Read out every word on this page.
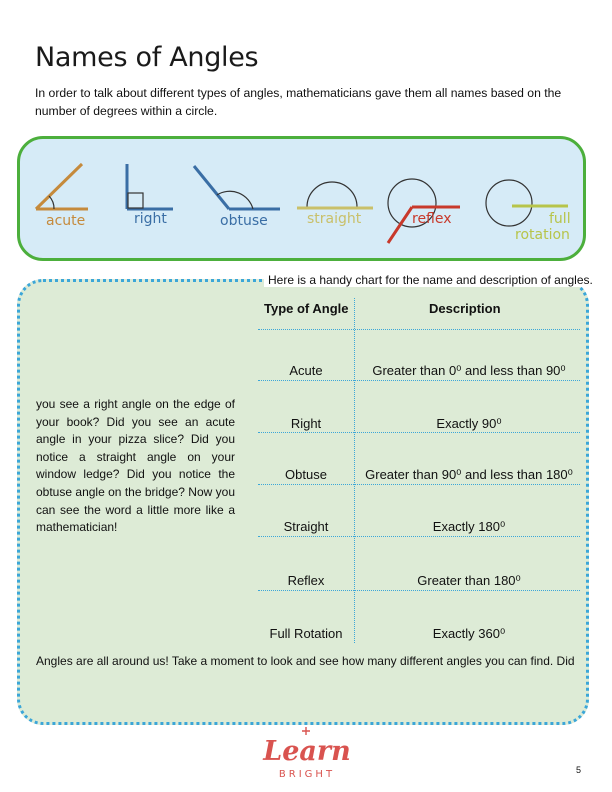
Names of Angles

In order to talk about different types of angles, mathematicians gave them all names based on the number of degrees within a circle.

acute	right	obtuse	straight	reflex	full
rotation
Here is a handy chart for the name and description of angles.
Type of Angle	Description
Acute	Greater than 0⁰ and less than 90⁰
Right	Exactly 90⁰
Obtuse	Greater than 90⁰ and less than 180⁰
Straight	Exactly 180⁰
Reflex	Greater than 180⁰
Full Rotation	Exactly 360⁰

you see a right angle on the edge of your book? Did you see an acute angle in your pizza slice? Did you notice a straight angle on your window ledge? Did you notice the obtuse angle on the bridge? Now you can see the word a little more like a mathematician!

Angles are all around us! Take a moment to look and see how many different angles you can find. Did

Learn
BRIGHT	5
